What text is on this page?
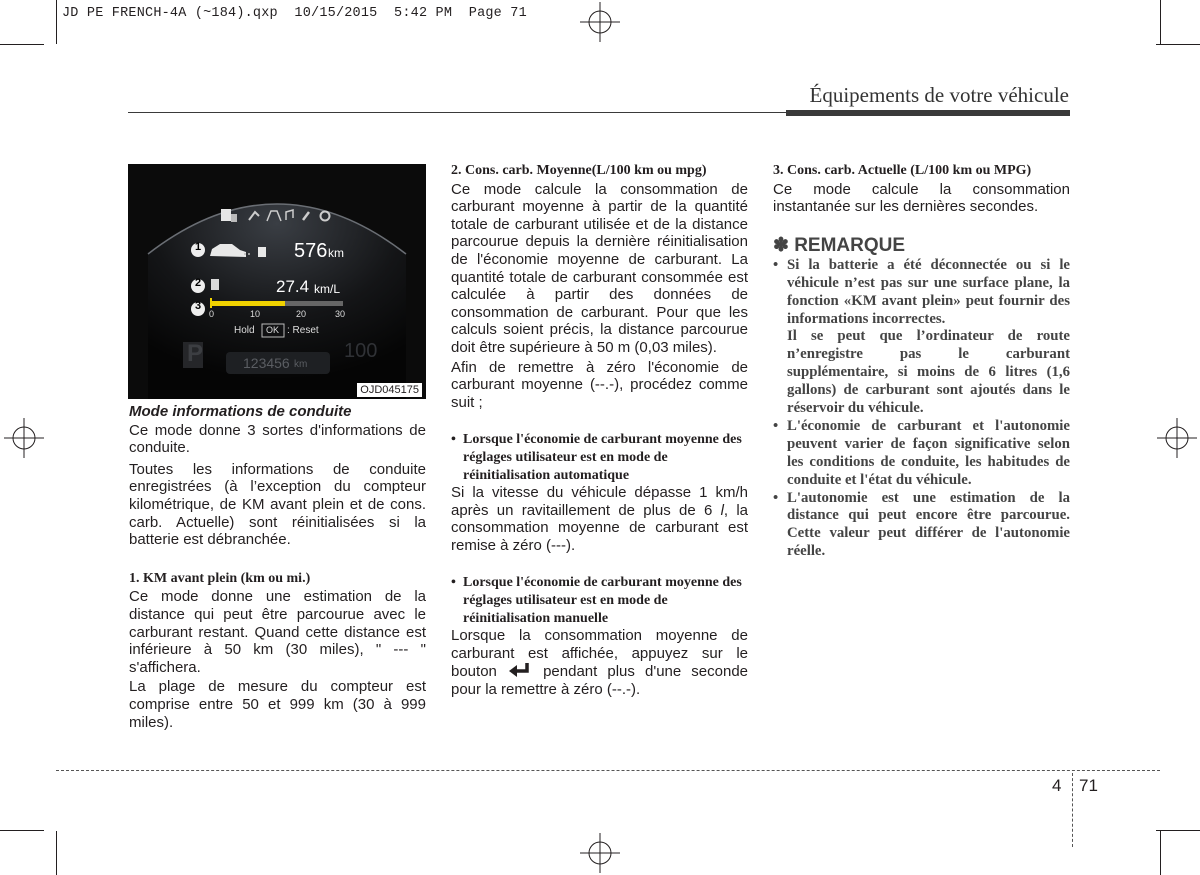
JD PE FRENCH-4A (~184).qxp  10/15/2015  5:42 PM  Page 71
Équipements de votre véhicule
1
2
3
576 km
27.4 km/L
0	10	20	30
Hold OK : Reset
P	123456 km
100
OJD045175

Mode informations de conduite

Ce mode donne 3 sortes d'informations de conduite.

Toutes les informations de conduite enregistrées (à l’exception du compteur kilométrique, de KM avant plein et de cons. carb. Actuelle) sont réinitialisées si la batterie est débranchée.

1. KM avant plein (km ou mi.)

Ce mode donne une estimation de la distance qui peut être parcourue avec le carburant restant. Quand cette distance est inférieure à 50 km (30 miles), " --- " s'affichera.

La plage de mesure du compteur est comprise entre 50 et 999 km (30 à 999 miles).

2. Cons. carb. Moyenne(L/100 km ou mpg)

Ce mode calcule la consommation de carburant moyenne à partir de la quantité totale de carburant utilisée et de la distance parcourue depuis la dernière réinitialisation de l'économie moyenne de carburant. La quantité totale de carburant consommée est calculée à partir des données de consommation de carburant. Pour que les calculs soient précis, la distance parcourue doit être supérieure à 50 m (0,03 miles).

Afin de remettre à zéro l'économie de carburant moyenne (--.-), procédez comme suit ;

• Lorsque l'économie de carburant moyenne des réglages utilisateur est en mode de réinitialisation automatique

Si la vitesse du véhicule dépasse 1 km/h après un ravitaillement de plus de 6 l, la consommation moyenne de carburant est remise à zéro (---).

• Lorsque l'économie de carburant moyenne des réglages utilisateur est en mode de réinitialisation manuelle

Lorsque la consommation moyenne de carburant est affichée, appuyez sur le bouton	pendant plus d'une seconde pour la remettre à zéro (--.-).

3. Cons. carb. Actuelle (L/100 km ou MPG)

Ce mode calcule la consommation instantanée sur les dernières secondes.

✽ REMARQUE

• Si la batterie a été déconnectée ou si le véhicule n’est pas sur une surface plane, la fonction «KM avant plein» peut fournir des informations incorrectes.
Il se peut que l’ordinateur de route n’enregistre pas le carburant supplémentaire, si moins de 6 litres (1,6 gallons) de carburant sont ajoutés dans le réservoir du véhicule.
• L'économie de carburant et l'autonomie peuvent varier de façon significative selon les conditions de conduite, les habitudes de conduite et l'état du véhicule.
• L'autonomie est une estimation de la distance qui peut encore être parcourue. Cette valeur peut différer de l'autonomie réelle.
4 71
